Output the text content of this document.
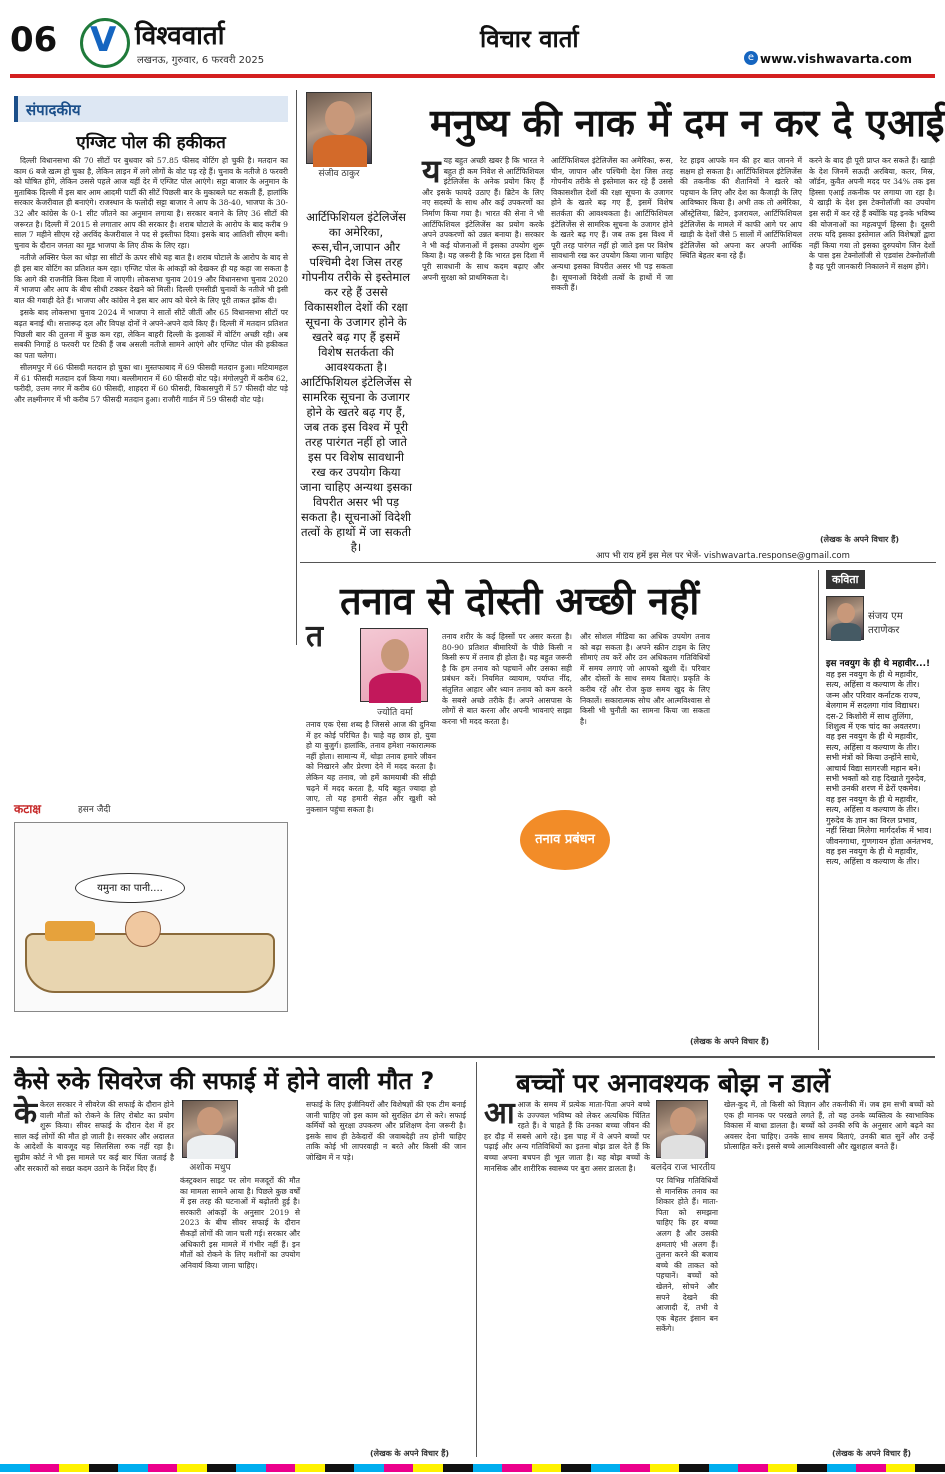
06 V विश्ववार्ता
लखनऊ, गुरुवार, 6 फरवरी 2025
विचार वार्ता
e www.vishwavarta.com
संपादकीय
एग्जिट पोल की हकीकत

दिल्ली विधानसभा की 70 सीटों पर बुधवार को 57.85 फीसद वोटिंग हो चुकी है। मतदान का काम 6 बजे खत्म हो चुका है, लेकिन लाइन में लगे लोगों के वोट पड़ रहे हैं। चुनाव के नतीजे 8 फरवरी को घोषित होंगे, लेकिन उससे पहले आज यहीं देर में एग्जिट पोल आएंगे। सट्टा बाजार के अनुमान के मुताबिक दिल्ली में इस बार आम आदमी पार्टी की सीटें पिछली बार के मुकाबले घट सकती हैं, हालांकि सरकार केजरीवाल ही बनाएंगे। राजस्थान के फलोदी सट्टा बाजार ने आप के 38-40, भाजपा के 30-32 और कांग्रेस के 0-1 सीट जीतने का अनुमान लगाया है। सरकार बनाने के लिए 36 सीटों की जरूरत है। दिल्ली में 2015 से लगातार आप की सरकार है। शराब घोटाले के आरोप के बाद करीब 9 साल 7 महीने सीएम रहे अरविंद केजरीवाल ने पद से इस्तीफा दिया। इसके बाद आतिशी सीएम बनी। चुनाव के दौरान जनता का मूड भाजपा के लिए ठीक के लिए रहा।

नतीजे अक्सिर फेल का थोड़ा सा सीटों के ऊपर सीधे यह बात है। शराब घोटाले के आरोप के बाद से ही इस बार वोटिंग का प्रतिशत कम रहा। एग्जिट पोल के आंकड़ों को देखकर ही यह कहा जा सकता है कि आगे की राजनीति किस दिशा में जाएगी। लोकसभा चुनाव 2019 और विधानसभा चुनाव 2020 में भाजपा और आप के बीच सीधी टक्कर देखने को मिली। दिल्ली एमसीडी चुनावों के नतीजे भी इसी बात की गवाही देते हैं। भाजपा और कांग्रेस ने इस बार आप को घेरने के लिए पूरी ताकत झोंक दी।

इसके बाद लोकसभा चुनाव 2024 में भाजपा ने सातों सीटें जीतीं और 65 विधानसभा सीटों पर बढ़त बनाई थी। सत्तारूढ़ दल और विपक्ष दोनों ने अपने-अपने दावे किए हैं। दिल्ली में मतदान प्रतिशत पिछली बार की तुलना में कुछ कम रहा, लेकिन बाहरी दिल्ली के इलाकों में वोटिंग अच्छी रही। अब सबकी निगाहें 8 फरवरी पर टिकी हैं जब असली नतीजे सामने आएंगे और एग्जिट पोल की हकीकत का पता चलेगा।

सीलमपुर में 66 फीसदी मतदान हो चुका था। मुस्तफाबाद में 69 फीसदी मतदान हुआ। मटियामहल में 61 फीसदी मतदान दर्ज किया गया। बल्लीमारान में 60 फीसदी वोट पड़े। मंगोलपुरी में करीब 62, फरीदी, उत्तम नगर में करीब 60 फीसदी, शाहदरा में 60 फीसदी, विकासपुरी में 57 फीसदी वोट पड़े और लक्ष्मीनगर में भी करीब 57 फीसदी मतदान हुआ। राजौरी गार्डन में 59 फीसदी वोट पड़े।

कटाक्ष	हसन जैदी
यमुना का पानी....
मनुष्य की नाक में दम न कर दे एआई
संजीव ठाकुर
आर्टिफिशियल इंटेलिजेंस का अमेरिका, रूस,चीन,जापान और पश्चिमी देश जिस तरह गोपनीय तरीके से इस्तेमाल कर रहे हैं उससे विकासशील देशों की रक्षा सूचना के उजागर होने के खतरे बढ़ गए हैं इसमें विशेष सतर्कता की आवश्यकता है। आर्टिफिशियल इंटेलिजेंस से सामरिक सूचना के उजागर होने के खतरे बढ़ गए हैं, जब तक इस विश्व में पूरी तरह पारंगत नहीं हो जाते इस पर विशेष सावधानी रख कर उपयोग किया जाना चाहिए अन्यथा इसका विपरीत असर भी पड़ सकता है। सूचनाओं विदेशी तत्वों के हाथों में जा सकती है।
य यह बहुत अच्छी खबर है कि भारत ने बहुत ही कम निवेश से आर्टिफिशियल इंटेलिजेंस के अनेक प्रयोग किए हैं और इसके फायदे उठाए हैं। ब्रिटेन के लिए नए सदस्यों के साथ और कई उपकरणों का निर्माण किया गया है। भारत की सेना ने भी आर्टिफिशियल इंटेलिजेंस का प्रयोग करके अपने उपकरणों को उन्नत बनाया है। सरकार ने भी कई योजनाओं में इसका उपयोग शुरू किया है। यह जरूरी है कि भारत इस दिशा में पूरी सावधानी के साथ कदम बढ़ाए और अपनी सुरक्षा को प्राथमिकता दे।
आर्टिफिशियल इंटेलिजेंस का अमेरिका, रूस, चीन, जापान और पश्चिमी देश जिस तरह गोपनीय तरीके से इस्तेमाल कर रहे हैं उससे विकासशील देशों की रक्षा सूचना के उजागर होने के खतरे बढ़ गए हैं, इसमें विशेष सतर्कता की आवश्यकता है। आर्टिफिशियल इंटेलिजेंस से सामरिक सूचना के उजागर होने के खतरे बढ़ गए हैं। जब तक इस विश्व में पूरी तरह पारंगत नहीं हो जाते इस पर विशेष सावधानी रख कर उपयोग किया जाना चाहिए अन्यथा इसका विपरीत असर भी पड़ सकता है। सूचनाओं विदेशी तत्वों के हाथों में जा सकती हैं।
रेट हाइव आपके मन की हर बात जानने में सक्षम हो सकता है। आर्टिफिशियल इंटेलिजेंस की तकनीक की शैतानियों ने खतरे को पहचान के लिए और देश का कैजाड़ी के लिए आविष्कार किया है। अभी तक तो अमेरिका, ऑस्ट्रेलिया, ब्रिटेन, इजरायल, आर्टिफिशियल इंटेलिजेंस के मामले में काफी आगे पर आप खाड़ी के देशों जैसे 5 सालों में आर्टिफिशियल इंटेलिजेंस को अपना कर अपनी आर्थिक स्थिति बेहतर बना रहे हैं।
करने के बाद ही पूरी प्राप्त कर सकते हैं। खाड़ी के देश जिनमें सऊदी अरबिया, कतर, मिस्र, जॉर्डन, कुवैत अपनी मदद पर 34% तक इस हिस्सा एआई तकनीक पर लगाया जा रहा है। ये खाड़ी के देश इस टेक्नोलॉजी का उपयोग इस सदी में कर रहे हैं क्योंकि यह इनके भविष्य की योजनाओं का महत्वपूर्ण हिस्सा है। दूसरी तरफ यदि इसका इस्तेमाल अति विशेषज्ञों द्वारा नहीं किया गया तो इसका दुरुपयोग जिन देशों के पास इस टेक्नोलॉजी से एडवांस टेक्नोलॉजी है वह पूरी जानकारी निकालने में सक्षम होंगे।
(लेखक के अपने विचार हैं)
आप भी राय हमें इस मेल पर भेजें- vishwavarta.response@gmail.com
तनाव से दोस्ती अच्छी नहीं
ज्योति वर्मा
त
तनाव एक ऐसा शब्द है जिससे आज की दुनिया में हर कोई परिचित है। चाहे वह छात्र हो, युवा हो या बुजुर्ग। हालांकि, तनाव हमेशा नकारात्मक नहीं होता। सामान्य में, थोड़ा तनाव हमारे जीवन को निखारने और प्रेरणा देने में मदद करता है। लेकिन यह तनाव, जो हमें कामयाबी की सीढ़ी चढ़ने में मदद करता है, यदि बहुत ज्यादा हो जाए, तो यह हमारी सेहत और खुशी को नुकसान पहुंचा सकता है।
तनाव शरीर के कई हिस्सों पर असर करता है। 80-90 प्रतिशत बीमारियों के पीछे किसी न किसी रूप में तनाव ही होता है। यह बहुत जरूरी है कि हम तनाव को पहचानें और उसका सही प्रबंधन करें। नियमित व्यायाम, पर्याप्त नींद, संतुलित आहार और ध्यान तनाव को कम करने के सबसे अच्छे तरीके हैं। अपने आसपास के लोगों से बात करना और अपनी भावनाएं साझा करना भी मदद करता है।
और सोशल मीडिया का अधिक उपयोग तनाव को बढ़ा सकता है। अपने स्क्रीन टाइम के लिए सीमाएं तय करें और उन अधिकतम गतिविधियों में समय लगाएं जो आपको खुशी दें। परिवार और दोस्तों के साथ समय बिताएं। प्रकृति के करीब रहें और रोज कुछ समय खुद के लिए निकालें। सकारात्मक सोच और आत्मविश्वास से किसी भी चुनौती का सामना किया जा सकता है।
तनाव प्रबंधन
(लेखक के अपने विचार हैं)
कविता
संजय एम तराणेकर
इस नवयुग के ही थे महावीर...!
वह इस नवयुग के ही थे महावीर,
सत्य, अहिंसा व कल्याण के तीर।
जन्म और परिवार कर्नाटक राज्य,
बेलगाम में सदलगा गांव विद्याधर।
दस-2 किशोरी में साथ तुलिंगा,
शिशुत्व में एक चांद का अवतरण।
वह इस नवयुग के ही थे महावीर,
सत्य, अहिंसा व कल्याण के तीर।
सभी मंत्रों को किया उन्होंने साधे,
आचार्य विद्या सागरजी महान बने।
सभी भक्तों को राह दिखाते गुरुदेव,
सभी उनकी शरण में ढेरों एकमेव।
वह इस नवयुग के ही थे महावीर,
सत्य, अहिंसा व कल्याण के तीर।
गुरुदेव के ज्ञान का विरल प्रभाव,
नहीं सिखा मिलेगा मार्गदर्शक में भाव।
जीवनगाथा, गुणगायन होता अनंतभव,
वह इस नवयुग के ही थे महावीर,
सत्य, अहिंसा व कल्याण के तीर।
कैसे रुके सिवरेज की सफाई में होने वाली मौत ?
अशोक मधुप
के केरल सरकार ने सीवरेज की सफाई के दौरान होने वाली मौतों को रोकने के लिए रोबोट का प्रयोग शुरू किया। सीवर सफाई के दौरान देश में हर साल कई लोगों की मौत हो जाती है। सरकार और अदालत के आदेशों के बावजूद यह सिलसिला रुक नहीं रहा है। सुप्रीम कोर्ट ने भी इस मामले पर कई बार चिंता जताई है और सरकारों को सख्त कदम उठाने के निर्देश दिए हैं।
कंस्ट्रक्शन साइट पर लोग मजदूरों की मौत का मामला सामने आया है। पिछले कुछ वर्षों में इस तरह की घटनाओं में बढ़ोतरी हुई है। सरकारी आंकड़ों के अनुसार 2019 से 2023 के बीच सीवर सफाई के दौरान सैकड़ों लोगों की जान चली गई। सरकार और अधिकारी इस मामले में गंभीर नहीं हैं। इन मौतों को रोकने के लिए मशीनों का उपयोग अनिवार्य किया जाना चाहिए।
सफाई के लिए इंजीनियरों और विशेषज्ञों की एक टीम बनाई जानी चाहिए जो इस काम को सुरक्षित ढंग से करे। सफाई कर्मियों को सुरक्षा उपकरण और प्रशिक्षण देना जरूरी है। इसके साथ ही ठेकेदारों की जवाबदेही तय होनी चाहिए ताकि कोई भी लापरवाही न बरते और किसी की जान जोखिम में न पड़े।
(लेखक के अपने विचार हैं)
बच्चों पर अनावश्यक बोझ न डालें
बलदेव राज भारतीय
आ आज के समय में प्रत्येक माता-पिता अपने बच्चे के उज्ज्वल भविष्य को लेकर अत्यधिक चिंतित रहते हैं। वे चाहते हैं कि उनका बच्चा जीवन की हर दौड़ में सबसे आगे रहे। इस चाह में वे अपने बच्चों पर पढ़ाई और अन्य गतिविधियों का इतना बोझ डाल देते हैं कि बच्चा अपना बचपन ही भूल जाता है। यह बोझ बच्चों के मानसिक और शारीरिक स्वास्थ्य पर बुरा असर डालता है।
पर विभिन्न गतिविधियों से मानसिक तनाव का शिकार होते हैं। माता-पिता को समझना चाहिए कि हर बच्चा अलग है और उसकी क्षमताएं भी अलग हैं। तुलना करने की बजाय बच्चे की ताकत को पहचानें। बच्चों को खेलने, सोचने और सपने देखने की आजादी दें, तभी वे एक बेहतर इंसान बन सकेंगे।
खेल-कूद में, तो किसी को विज्ञान और तकनीकी में। जब हम सभी बच्चों को एक ही मानक पर परखते लगते हैं, तो यह उनके व्यक्तित्व के स्वाभाविक विकास में बाधा डालता है। बच्चों को उनकी रुचि के अनुसार आगे बढ़ने का अवसर देना चाहिए। उनके साथ समय बिताएं, उनकी बात सुनें और उन्हें प्रोत्साहित करें। इससे बच्चे आत्मविश्वासी और खुशहाल बनते हैं।
(लेखक के अपने विचार हैं)
